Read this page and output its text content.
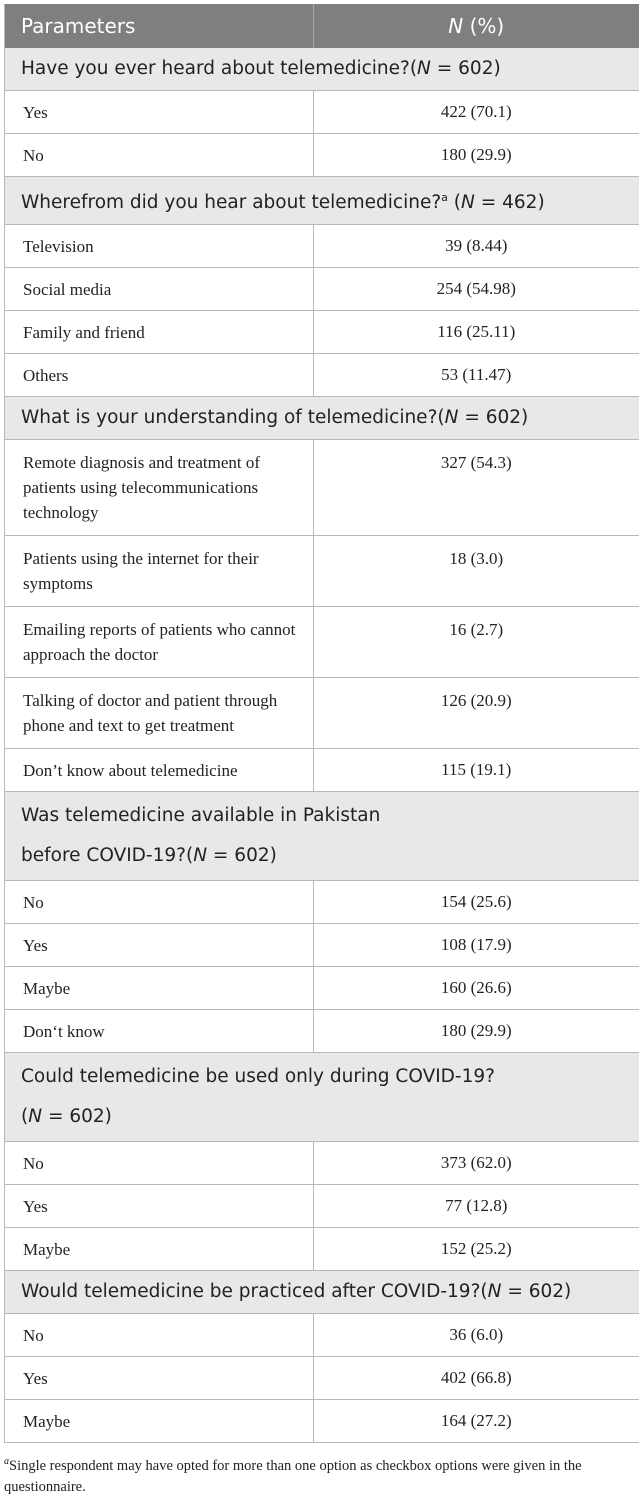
Parameters	N (%)
Have you ever heard about telemedicine?(N = 602)	
Yes	422 (70.1)
No	180 (29.9)
Wherefrom did you hear about telemedicine?$^a$ (N = 462)	
Television	39 (8.44)
Social media	254 (54.98)
Family and friend	116 (25.11)
Others	53 (11.47)
What is your understanding of telemedicine?(N = 602)	
Remote diagnosis and treatment of patients using telecommunications technology	327 (54.3)
Patients using the internet for their symptoms	18 (3.0)
Emailing reports of patients who cannot approach the doctor	16 (2.7)
Talking of doctor and patient through phone and text to get treatment	126 (20.9)
Don’t know about telemedicine	115 (19.1)

Was telemedicine available in Pakistan
before COVID-19?(N = 602)	

No	154 (25.6)
Yes	108 (17.9)
Maybe	160 (26.6)
Don‘t know	180 (29.9)

Could telemedicine be used only during COVID-19?
(N = 602)	

No	373 (62.0)
Yes	77 (12.8)
Maybe	152 (25.2)
Would telemedicine be practiced after COVID-19?(N = 602)	
No	36 (6.0)
Yes	402 (66.8)
Maybe	164 (27.2)
$^a$Single respondent may have opted for more than one option as checkbox options were given in the questionnaire.
